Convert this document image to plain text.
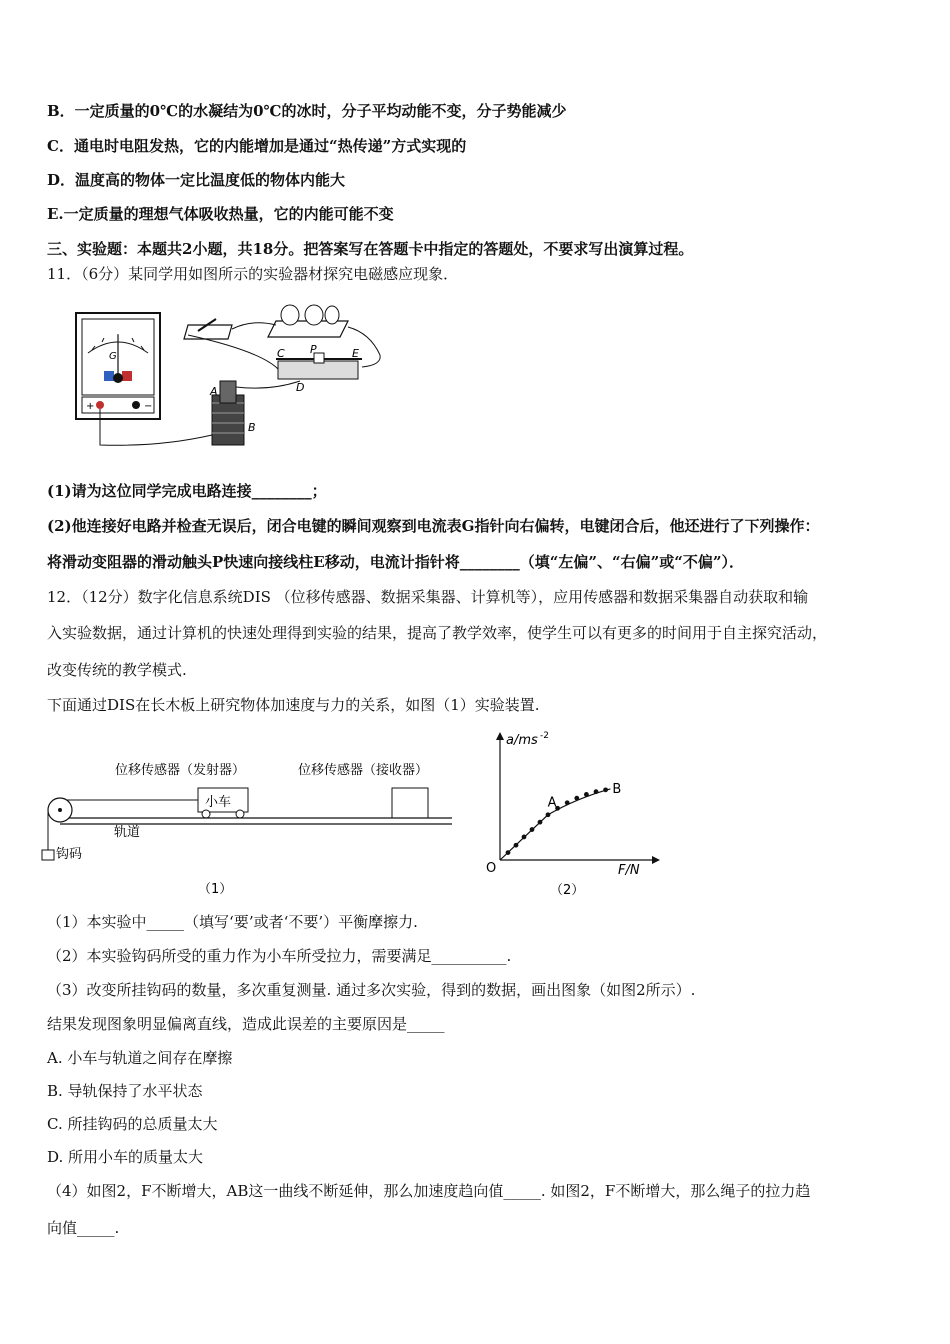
B．一定质量的0℃的水凝结为0℃的冰时，分子平均动能不变，分子势能减少
C．通电时电阻发热，它的内能增加是通过“热传递”方式实现的
D．温度高的物体一定比温度低的物体内能大
E.一定质量的理想气体吸收热量，它的内能可能不变
三、实验题：本题共2小题，共18分。把答案写在答题卡中指定的答题处，不要求写出演算过程。
11．（6分）某同学用如图所示的实验器材探究电磁感应现象．
G
+	−
P
C	E
D
A
B
(1)请为这位同学完成电路连接________；
(2)他连接好电路并检查无误后，闭合电键的瞬间观察到电流表G指针向右偏转，电键闭合后，他还进行了下列操作：
将滑动变阻器的滑动触头P快速向接线柱E移动，电流计指针将________（填“左偏”、“右偏”或“不偏”）．
12．（12分）数字化信息系统DIS （位移传感器、数据采集器、计算机等），应用传感器和数据采集器自动获取和输
入实验数据，通过计算机的快速处理得到实验的结果，提高了教学效率，使学生可以有更多的时间用于自主探究活动，
改变传统的教学模式.
下面通过DIS在长木板上研究物体加速度与力的关系，如图（1）实验装置.
位移传感器（发射器）	位移传感器（接收器）
小车
钩码
轨道
（1）
a/ms -2
F/N
O
A
B
（2）
（1）本实验中_____（填写‘要’或者‘不要’）平衡摩擦力.
（2）本实验钩码所受的重力作为小车所受拉力，需要满足__________.
（3）改变所挂钩码的数量，多次重复测量. 通过多次实验，得到的数据，画出图象（如图2所示）.
结果发现图象明显偏离直线，造成此误差的主要原因是_____
A. 小车与轨道之间存在摩擦
B. 导轨保持了水平状态
C. 所挂钩码的总质量太大
D. 所用小车的质量太大
（4）如图2，F不断增大，AB这一曲线不断延伸，那么加速度趋向值_____. 如图2，F不断增大，那么绳子的拉力趋
向值_____.
